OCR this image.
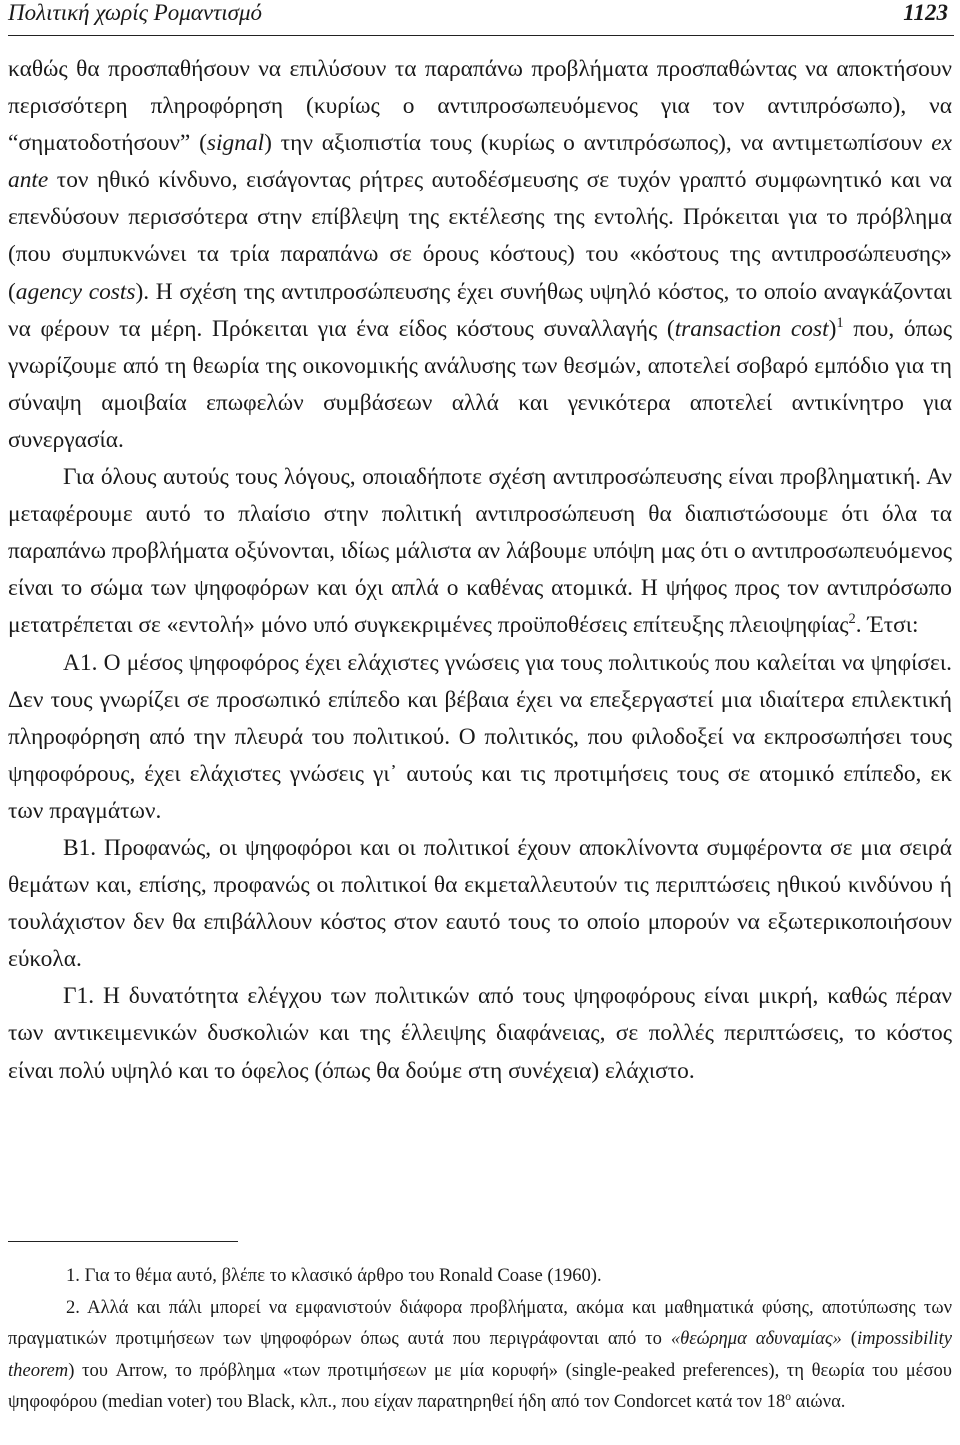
Πολιτική χωρίς Ρομαντισμό	1123

καθώς θα προσπαθήσουν να επιλύσουν τα παραπάνω προβλήματα προσπαθώντας να αποκτήσουν περισσότερη πληροφόρηση (κυρίως ο αντιπροσωπευόμενος για τον αντιπρόσωπο), να “σηματοδοτήσουν” (signal) την αξιοπιστία τους (κυρίως ο αντιπρόσωπος), να αντιμετωπίσουν ex ante τον ηθικό κίνδυνο, εισάγοντας ρήτρες αυτοδέσμευσης σε τυχόν γραπτό συμφωνητικό και να επενδύσουν περισσότερα στην επίβλεψη της εκτέλεσης της εντολής. Πρόκειται για το πρόβλημα (που συμπυκνώνει τα τρία παραπάνω σε όρους κόστους) του «κόστους της αντιπροσώπευσης» (agency costs). Η σχέση της αντιπροσώπευσης έχει συνήθως υψηλό κόστος, το οποίο αναγκάζονται να φέρουν τα μέρη. Πρόκειται για ένα είδος κόστους συναλλαγής (transaction cost)$^1$ που, όπως γνωρίζουμε από τη θεωρία της οικονομικής ανάλυσης των θεσμών, αποτελεί σοβαρό εμπόδιο για τη σύναψη αμοιβαία επωφελών συμβάσεων αλλά και γενικότερα αποτελεί αντικίνητρο για συνεργασία.

Για όλους αυτούς τους λόγους, οποιαδήποτε σχέση αντιπροσώπευσης είναι προβληματική. Αν μεταφέρουμε αυτό το πλαίσιο στην πολιτική αντιπροσώπευση θα διαπιστώσουμε ότι όλα τα παραπάνω προβλήματα οξύνονται, ιδίως μάλιστα αν λάβουμε υπόψη μας ότι ο αντιπροσωπευόμενος είναι το σώμα των ψηφοφόρων και όχι απλά ο καθένας ατομικά. Η ψήφος προς τον αντιπρόσωπο μετατρέπεται σε «εντολή» μόνο υπό συγκεκριμένες προϋποθέσεις επίτευξης πλειοψηφίας$^2$. Έτσι:

Α1. Ο μέσος ψηφοφόρος έχει ελάχιστες γνώσεις για τους πολιτικούς που καλείται να ψηφίσει. Δεν τους γνωρίζει σε προσωπικό επίπεδο και βέβαια έχει να επεξεργαστεί μια ιδιαίτερα επιλεκτική πληροφόρηση από την πλευρά του πολιτικού. Ο πολιτικός, που φιλοδοξεί να εκπροσωπήσει τους ψηφοφόρους, έχει ελάχιστες γνώσεις γι᾽ αυτούς και τις προτιμήσεις τους σε ατομικό επίπεδο, εκ των πραγμάτων.

Β1. Προφανώς, οι ψηφοφόροι και οι πολιτικοί έχουν αποκλίνοντα συμφέροντα σε μια σειρά θεμάτων και, επίσης, προφανώς οι πολιτικοί θα εκμεταλλευτούν τις περιπτώσεις ηθικού κινδύνου ή τουλάχιστον δεν θα επιβάλλουν κόστος στον εαυτό τους το οποίο μπορούν να εξωτερικοποιήσουν εύκολα.

Γ1. Η δυνατότητα ελέγχου των πολιτικών από τους ψηφοφόρους είναι μικρή, καθώς πέραν των αντικειμενικών δυσκολιών και της έλλειψης διαφάνειας, σε πολλές περιπτώσεις, το κόστος είναι πολύ υψηλό και το όφελος (όπως θα δούμε στη συνέχεια) ελάχιστο.

1. Για το θέμα αυτό, βλέπε το κλασικό άρθρο του Ronald Coase (1960).

2. Αλλά και πάλι μπορεί να εμφανιστούν διάφορα προβλήματα, ακόμα και μαθηματικά φύσης, αποτύπωσης των πραγματικών προτιμήσεων των ψηφοφόρων όπως αυτά που περιγράφονται από το «θεώρημα αδυναμίας» (impossibility theorem) του Arrow, το πρόβλημα «των προτιμήσεων με μία κορυφή» (single-peaked preferences), τη θεωρία του μέσου ψηφοφόρου (median voter) του Black, κλπ., που είχαν παρατηρηθεί ήδη από τον Condorcet κατά τον $18^o$ αιώνα.
